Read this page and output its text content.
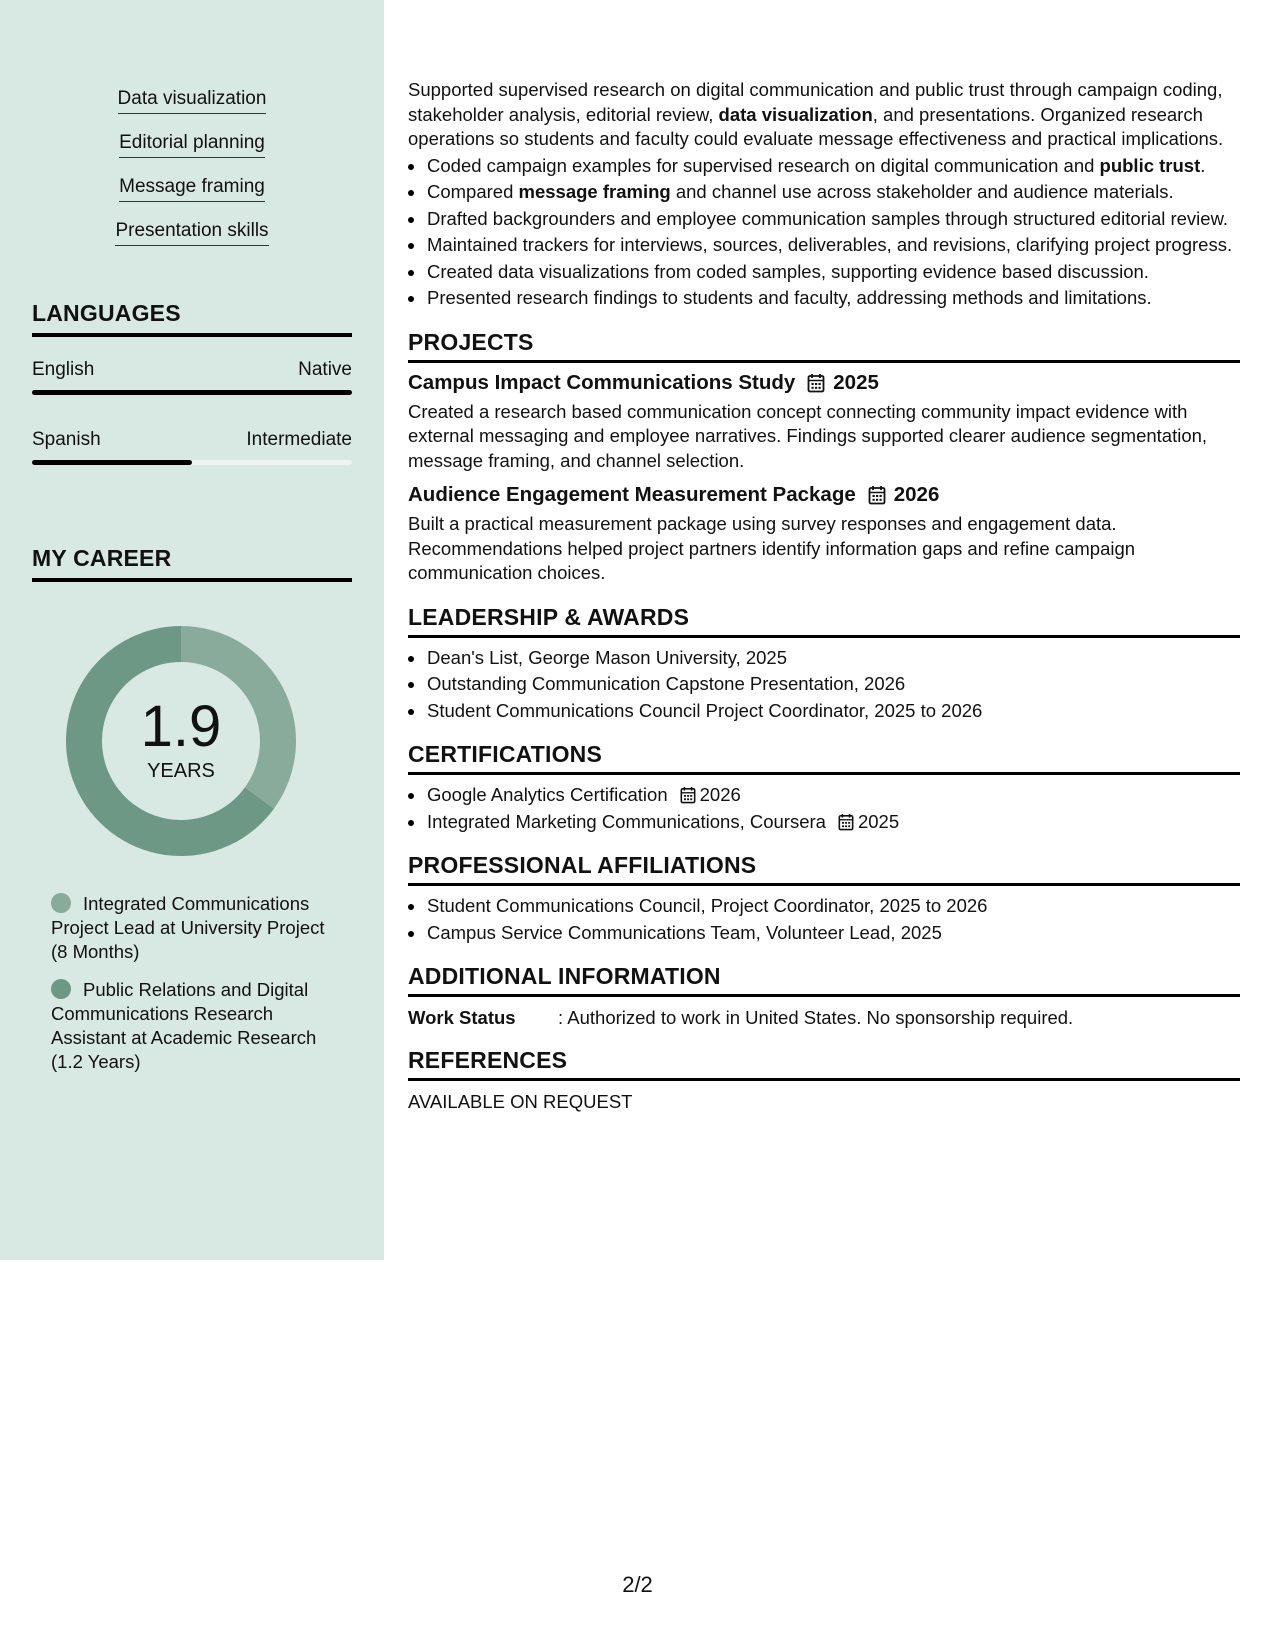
Data visualization
Editorial planning
Message framing
Presentation skills
LANGUAGES
English	Native
Spanish	Intermediate
MY CAREER
1.9
YEARS
Integrated Communications Project Lead at University Project (8 Months)
Public Relations and Digital Communications Research Assistant at Academic Research (1.2 Years)

Supported supervised research on digital communication and public trust through campaign coding, stakeholder analysis, editorial review, data visualization, and presentations. Organized research operations so students and faculty could evaluate message effectiveness and practical implications.

Coded campaign examples for supervised research on digital communication and public trust.
Compared message framing and channel use across stakeholder and audience materials.
Drafted backgrounders and employee communication samples through structured editorial review.
Maintained trackers for interviews, sources, deliverables, and revisions, clarifying project progress.
Created data visualizations from coded samples, supporting evidence based discussion.
Presented research findings to students and faculty, addressing methods and limitations.
PROJECTS
Campus Impact Communications Study 2025

Created a research based communication concept connecting community impact evidence with external messaging and employee narratives. Findings supported clearer audience segmentation, message framing, and channel selection.

Audience Engagement Measurement Package 2026

Built a practical measurement package using survey responses and engagement data. Recommendations helped project partners identify information gaps and refine campaign communication choices.

LEADERSHIP & AWARDS
Dean's List, George Mason University, 2025
Outstanding Communication Capstone Presentation, 2026
Student Communications Council Project Coordinator, 2025 to 2026
CERTIFICATIONS
Google Analytics Certification 2026
Integrated Marketing Communications, Coursera 2025
PROFESSIONAL AFFILIATIONS
Student Communications Council, Project Coordinator, 2025 to 2026
Campus Service Communications Team, Volunteer Lead, 2025
ADDITIONAL INFORMATION
Work Status	: Authorized to work in United States. No sponsorship required.
REFERENCES
AVAILABLE ON REQUEST
2/2
